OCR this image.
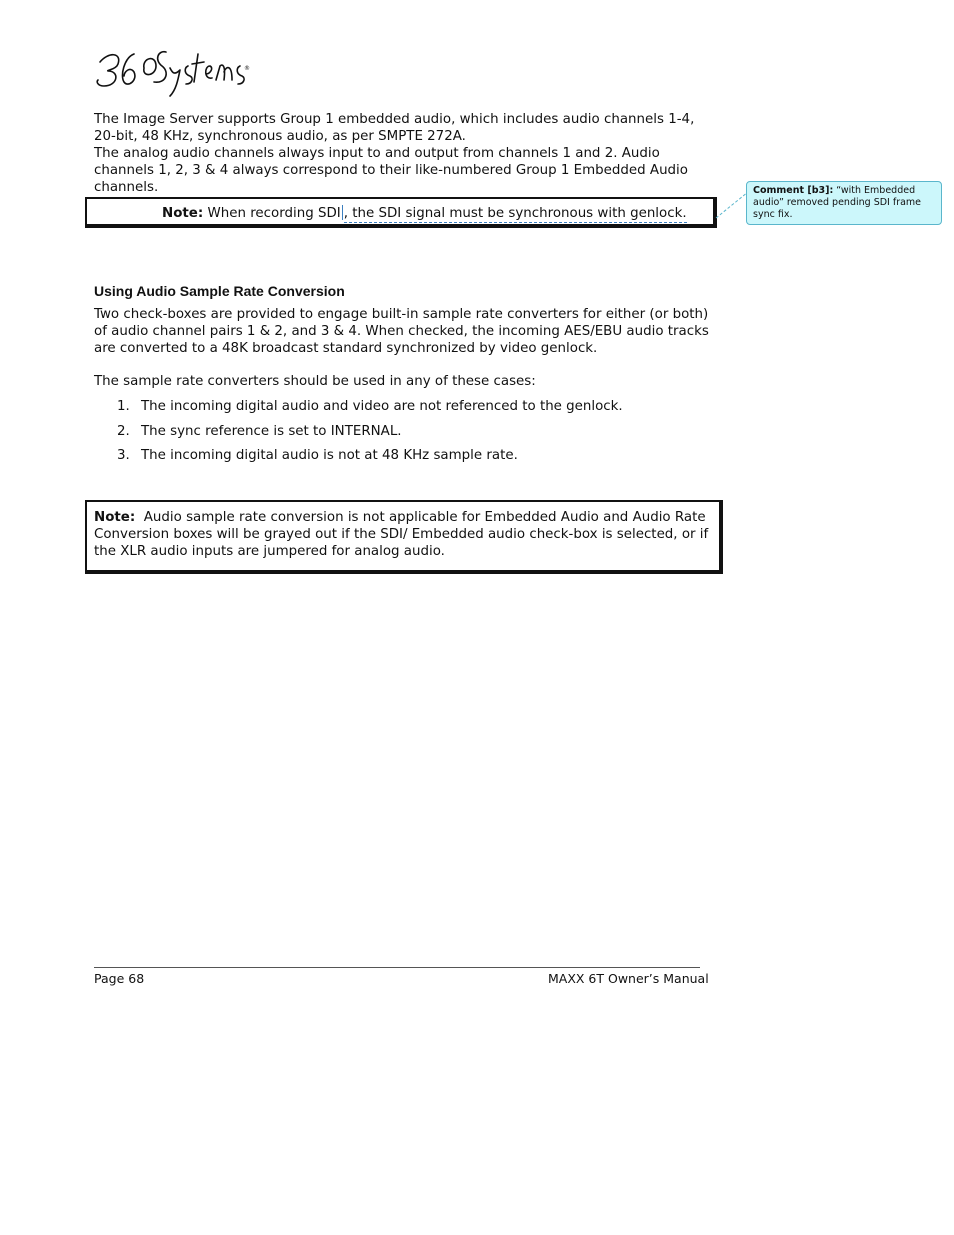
®

The Image Server supports Group 1 embedded audio, which includes audio channels 1-4, 20-bit, 48 KHz, synchronous audio, as per SMPTE 272A.

The analog audio channels always input to and output from channels 1 and 2. Audio channels 1, 2, 3 & 4 always correspond to their like-numbered Group 1 Embedded Audio channels.

Note: When recording SDI , the SDI signal must be synchronous with genlock.
Comment [b3]: “with Embedded audio” removed pending SDI frame sync fix.
Using Audio Sample Rate Conversion
Two check-boxes are provided to engage built-in sample rate converters for either (or both) of audio channel pairs 1 & 2, and 3 & 4. When checked, the incoming AES/EBU audio tracks are converted to a 48K broadcast standard synchronized by video genlock.
The sample rate converters should be used in any of these cases:
1. The incoming digital audio and video are not referenced to the genlock.
2. The sync reference is set to INTERNAL.
3. The incoming digital audio is not at 48 KHz sample rate.
Note: Audio sample rate conversion is not applicable for Embedded Audio and Audio Rate Conversion boxes will be grayed out if the SDI/ Embedded audio check-box is selected, or if the XLR audio inputs are jumpered for analog audio.
Page 68	MAXX 6T Owner’s Manual
